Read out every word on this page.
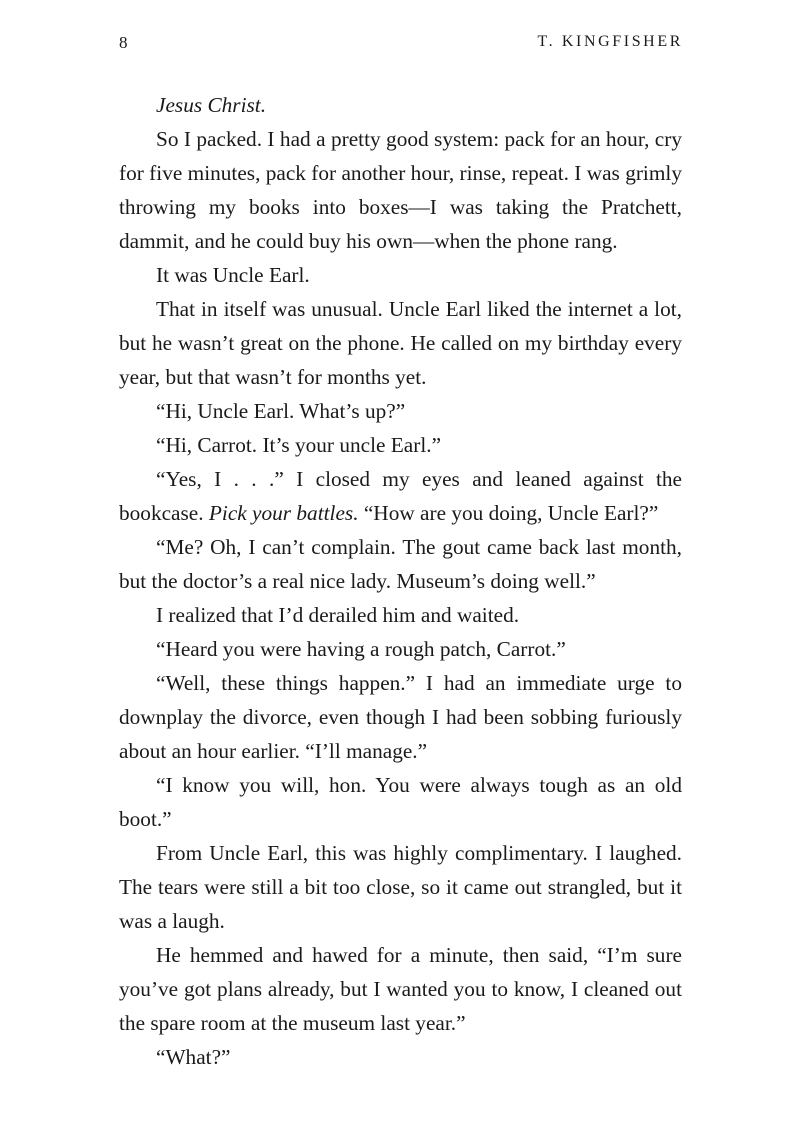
8	T. KINGFISHER

Jesus Christ.

So I packed. I had a pretty good system: pack for an hour, cry for five minutes, pack for another hour, rinse, repeat. I was grimly throwing my books into boxes—I was taking the Pratchett, dammit, and he could buy his own—when the phone rang.

It was Uncle Earl.

That in itself was unusual. Uncle Earl liked the internet a lot, but he wasn’t great on the phone. He called on my birthday every year, but that wasn’t for months yet.

“Hi, Uncle Earl. What’s up?”

“Hi, Carrot. It’s your uncle Earl.”

“Yes, I . . .” I closed my eyes and leaned against the bookcase. Pick your battles. “How are you doing, Uncle Earl?”

“Me? Oh, I can’t complain. The gout came back last month, but the doctor’s a real nice lady. Museum’s doing well.”

I realized that I’d derailed him and waited.

“Heard you were having a rough patch, Carrot.”

“Well, these things happen.” I had an immediate urge to downplay the divorce, even though I had been sobbing furiously about an hour earlier. “I’ll manage.”

“I know you will, hon. You were always tough as an old boot.”

From Uncle Earl, this was highly complimentary. I laughed. The tears were still a bit too close, so it came out strangled, but it was a laugh.

He hemmed and hawed for a minute, then said, “I’m sure you’ve got plans already, but I wanted you to know, I cleaned out the spare room at the museum last year.”

“What?”
